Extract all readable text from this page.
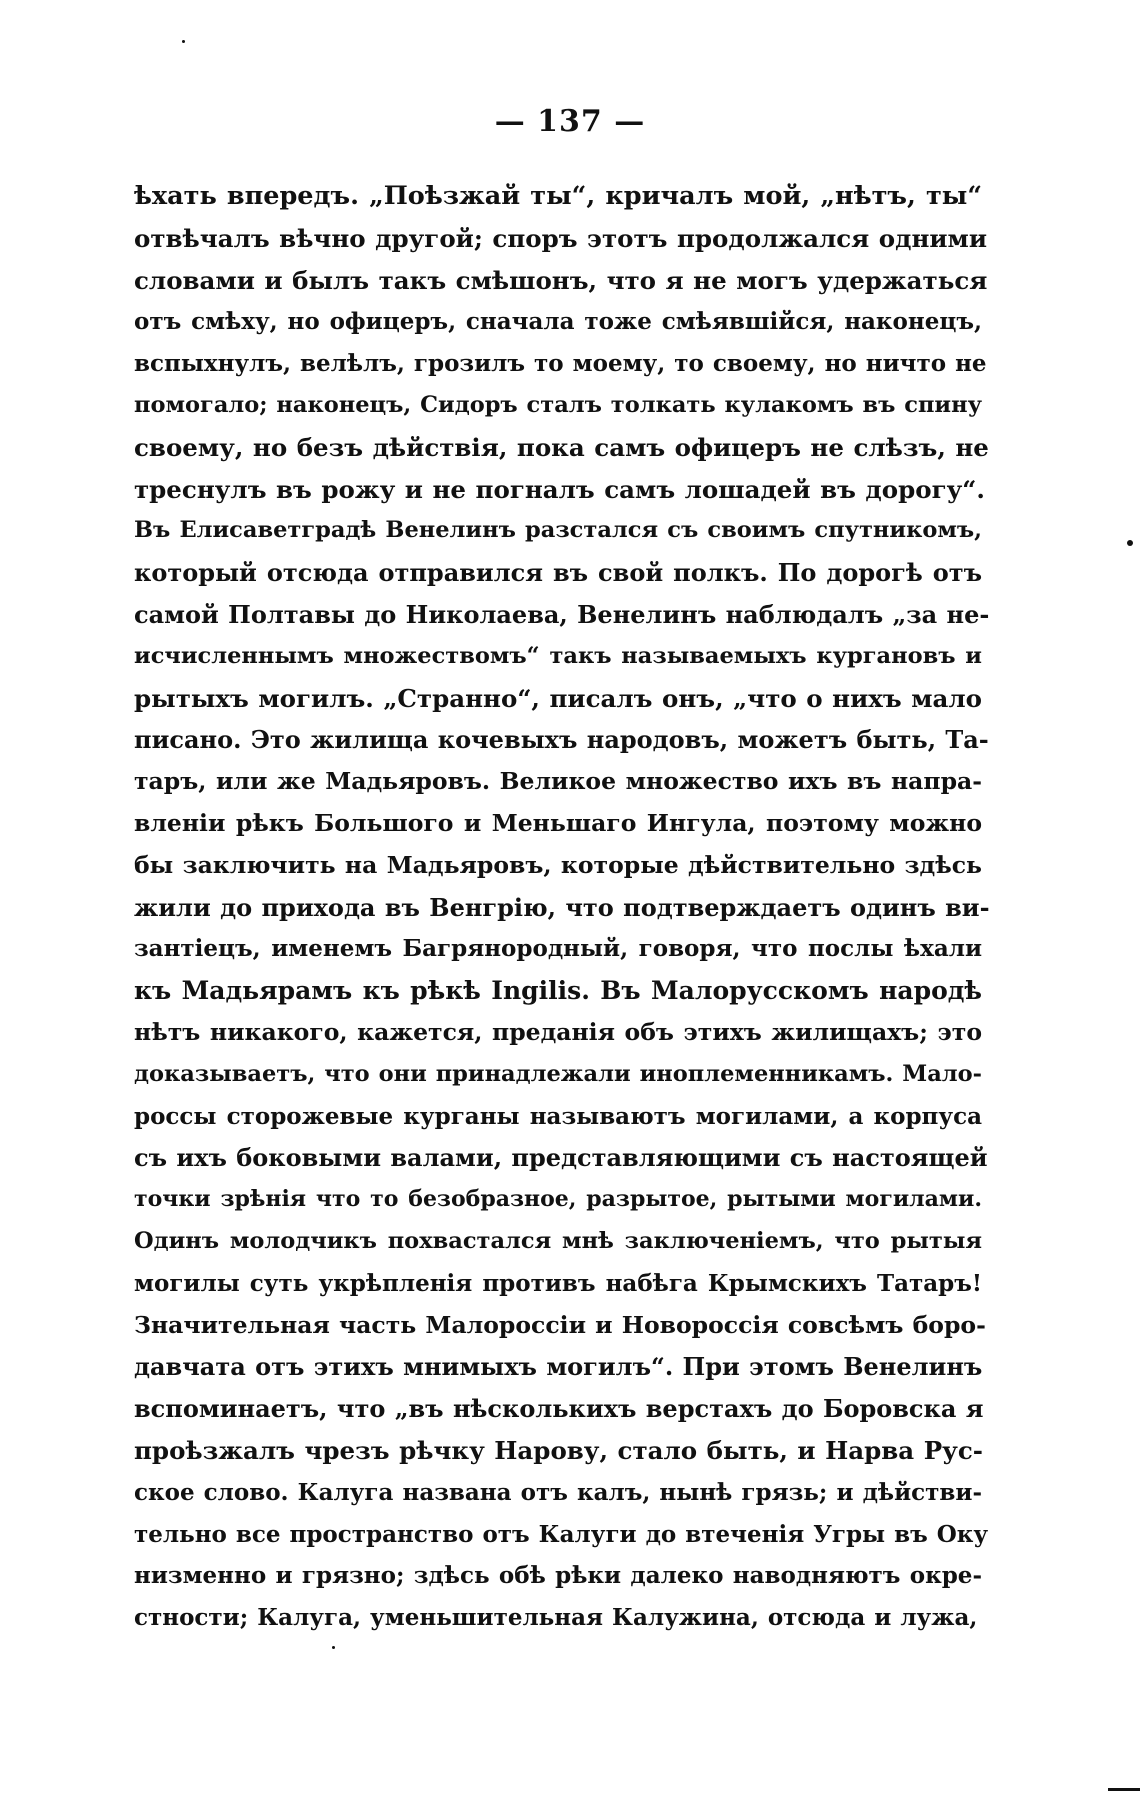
— 137 —
ѣхать впередъ. „Поѣзжай ты“, кричалъ мой, „нѣтъ, ты“
отвѣчалъ вѣчно другой; споръ этотъ продолжался одними
словами и былъ такъ смѣшонъ, что я не могъ удержаться
отъ смѣху, но офицеръ, сначала тоже смѣявшійся, наконецъ,
вспыхнулъ, велѣлъ, грозилъ то моему, то своему, но ничто не
помогало; наконецъ, Сидоръ сталъ толкать кулакомъ въ спину
своему, но безъ дѣйствія, пока самъ офицеръ не слѣзъ, не
треснулъ въ рожу и не погналъ самъ лошадей въ дорогу“.
Въ Елисаветградѣ Венелинъ разстался съ своимъ спутникомъ,
который отсюда отправился въ свой полкъ. По дорогѣ отъ
самой Полтавы до Николаева, Венелинъ наблюдалъ „за не-
исчисленнымъ множествомъ“ такъ называемыхъ кургановъ и
рытыхъ могилъ. „Странно“, писалъ онъ, „что о нихъ мало
писано. Это жилища кочевыхъ народовъ, можетъ быть, Та-
таръ, или же Мадьяровъ. Великое множество ихъ въ напра-
вленіи рѣкъ Большого и Меньшаго Ингула, поэтому можно
бы заключить на Мадьяровъ, которые дѣйствительно здѣсь
жили до прихода въ Венгрію, что подтверждаетъ одинъ ви-
зантіецъ, именемъ Багрянородный, говоря, что послы ѣхали
къ Мадьярамъ къ рѣкѣ Ingilis. Въ Малорусскомъ народѣ
нѣтъ никакого, кажется, преданія объ этихъ жилищахъ; это
доказываетъ, что они принадлежали иноплеменникамъ. Мало-
россы сторожевые курганы называютъ могилами, а корпуса
съ ихъ боковыми валами, представляющими съ настоящей
точки зрѣнія что то безобразное, разрытое, рытыми могилами.
Одинъ молодчикъ похвастался мнѣ заключеніемъ, что рытыя
могилы суть укрѣпленія противъ набѣга Крымскихъ Татаръ!
Значительная часть Малороссіи и Новороссія совсѣмъ боро-
давчата отъ этихъ мнимыхъ могилъ“. При этомъ Венелинъ
вспоминаетъ, что „въ нѣсколькихъ верстахъ до Боровска я
проѣзжалъ чрезъ рѣчку Нарову, стало быть, и Нарва Рус-
ское слово. Калуга названа отъ калъ, нынѣ грязь; и дѣйстви-
тельно все пространство отъ Калуги до втеченія Угры въ Оку
низменно и грязно; здѣсь обѣ рѣки далеко наводняютъ окре-
стности; Калуга, уменьшительная Калужина, отсюда и лужа,
